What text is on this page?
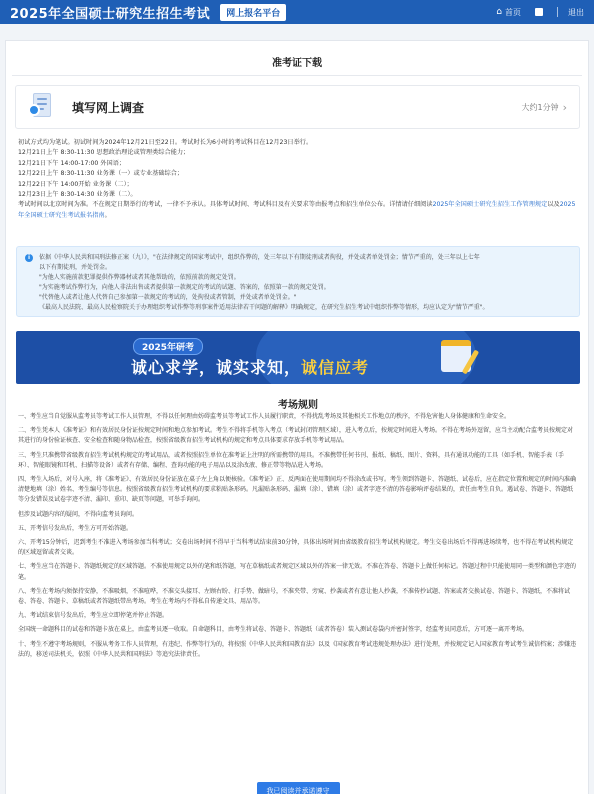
2025年全国硕士研究生招生考试	网上报名平台	⌂ 首页	退出
准考证下载
填写网上调查	大约1分钟 ›

初试方式均为笔试。初试时间为2024年12月21日至22日。考试时长为6小时的考试科目在12月23日举行。

12月21日上午 8:30-11:30 思想政治理论或管理类综合能力；

12月21日下午 14:00-17:00 外国语；

12月22日上午 8:30-11:30 业务课（一）或专业基础综合；

12月22日下午 14:00开始 业务课（二）；

12月23日上午 8:30-14:30 业务课（二）。

考试时间以北京时间为准。不在规定日期举行的考试，一律不予承认。具体考试时间、考试科目及有关要求等由报考点和招生单位公布。详情请仔细阅读2025年全国硕士研究生招生工作管理规定以及2025年全国硕士研究生考试报名指南。

i	依据《中华人民共和国刑法修正案（九）》，"在法律规定的国家考试中，组织作弊的，处三年以下有期徒刑或者拘役，并处或者单处罚金；情节严重的，处三年以上七年

以下有期徒刑，并处罚金。

"为他人实施前款犯罪提供作弊器材或者其他帮助的，依照前款的规定处罚。

"为实施考试作弊行为，向他人非法出售或者提供第一款规定的考试的试题、答案的，依照第一款的规定处罚。

"代替他人或者让他人代替自己参加第一款规定的考试的，处拘役或者管制，并处或者单处罚金。"

《最高人民法院、最高人民检察院关于办理组织考试作弊等刑事案件适用法律若干问题的解释》明确规定，在研究生招生考试中组织作弊等情形，均应认定为"情节严重"。

2025年研考
诚心求学，诚实求知，诚信应考
考场规则

一、考生应当自觉服从监考员等考试工作人员管理，不得以任何理由妨碍监考员等考试工作人员履行职责，不得扰乱考场及其他相关工作地点的秩序，不得危害他人身体健康和生命安全。

二、考生凭本人《准考证》和有效居民身份证按规定时间和地点参加考试。考生不得将手机等入考点（考试封闭管理区域），进入考点后，按规定时间进入考场。不得在考场外逗留，应当主动配合监考员按规定对其进行的身份验证核查、安全检查和随身物品检查，按照省级教育招生考试机构的规定和考点具体要求存放手机等考试用品。

三、考生只准携带省级教育招生考试机构规定的考试用品，或者按照招生单位在准考证上注明的所需携带的用具。不准携带任何书刊、报纸、稿纸、图片、资料，具有通讯功能的工具（如手机、智能手表（手环）、智能眼镜和耳机、扫描等设备）或者有存储、编程、查询功能的电子用品以及涂改液、修正带等物品进入考场。

四、考生入场后，对号入座，将《准考证》、有效居民身份证放在桌子左上角以便核验。《准考证》正、反两面在使用期间均不得涂改或书写。考生领到答题卡、答题纸、试卷后，应在指定位置和规定的时间内准确清楚地填（涂）姓名、考生编号等信息。按照省级教育招生考试机构的要求粘贴条形码。凡漏贴条形码、漏填（涂）、错填（涂）或者字迹不清的答卷影响评卷结果的，责任由考生自负。遇试卷、答题卡、答题纸等分发错误及试卷字迹不清、漏印、重印、缺页等问题，可举手询问。

但涉及试题内容的疑问，不得向监考员询问。

五、开考信号发出后，考生方可开始答题。

六、开考15分钟后，迟到考生不准进入考场参加当科考试；交卷出场时间不得早于当科考试结束前30分钟，具体出场时间由省级教育招生考试机构规定。考生交卷出场后不得再进场续考，也不得在考试机构规定的区域逗留或者交谈。

七、考生应当在答题卡、答题纸规定的区域答题。不准使用规定以外的笔和纸答题，写在草稿纸或者规定区域以外的答案一律无效。不准在答卷、答题卡上做任何标记。答题过程中只能使用同一类型和颜色字迹的笔。

八、考生在考场内须保持安静，不准吸烟，不准喧哗，不准交头接耳、左顾右盼、打手势、做暗号，不准夹带、旁窥、抄袭或者有意让他人抄袭，不准传抄试题、答案或者交换试卷、答题卡、答题纸，不准将试卷、答卷、答题卡、草稿纸或者答题纸带出考场。考生在考场内不得私自传递文具、用品等。

九、考试结束信号发出后，考生应立即停笔并停止答题。

全国统一命题科目的试卷和答题卡放在桌上，由监考员逐一收取。自命题科目，由考生将试卷、答题卡、答题纸（或者答卷）装入测试卷袋内并密封签字，经监考员同意后，方可逐一离开考场。

十、考生不遵守考场规则，不服从考务工作人员管理，有违纪、作弊等行为的，将按照《中华人民共和国教育法》以及《国家教育考试违规处理办法》进行处理，并按规定记入国家教育考试考生诚信档案；涉嫌违法的，移送司法机关，依照《中华人民共和国刑法》等追究法律责任。

我已阅读并承诺遵守
